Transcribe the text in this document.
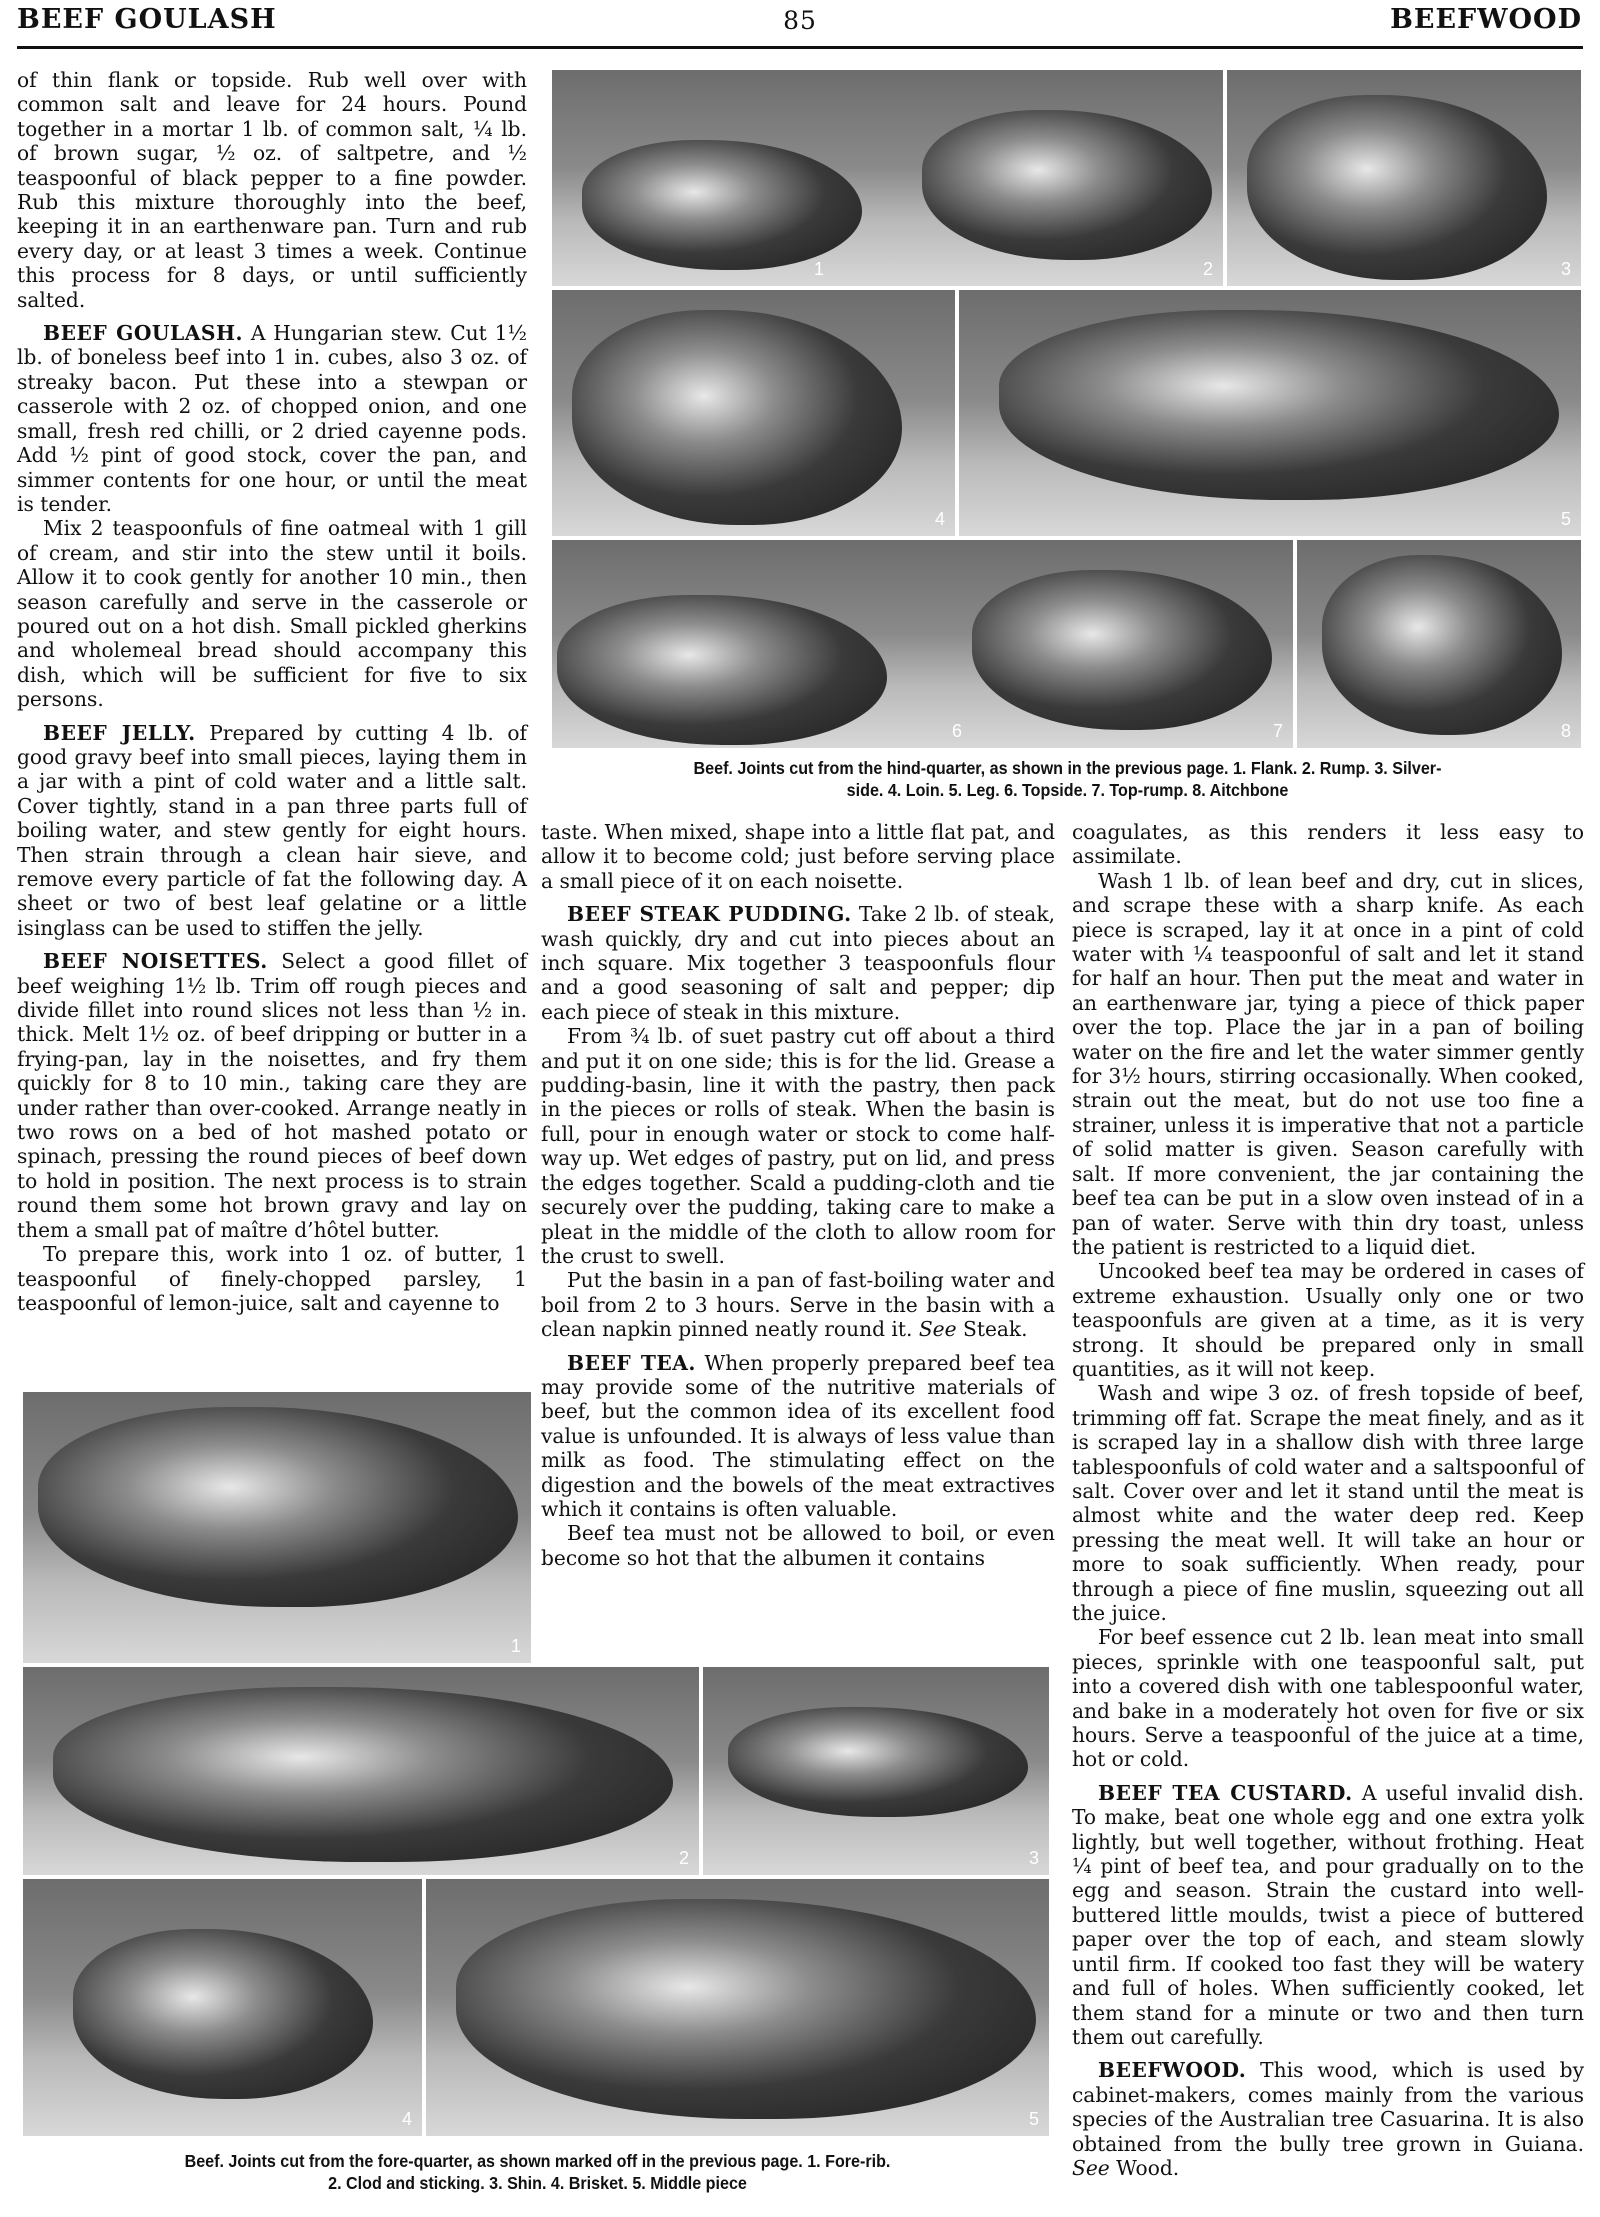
BEEF GOULASH	85	BEEFWOOD

of thin flank or topside. Rub well over with common salt and leave for 24 hours. Pound together in a mortar 1 lb. of common salt, ¼ lb. of brown sugar, ½ oz. of saltpetre, and ½ teaspoonful of black pepper to a fine powder. Rub this mixture thoroughly into the beef, keeping it in an earthenware pan. Turn and rub every day, or at least 3 times a week. Continue this process for 8 days, or until sufficiently salted.

BEEF GOULASH. A Hungarian stew. Cut 1½ lb. of boneless beef into 1 in. cubes, also 3 oz. of streaky bacon. Put these into a stewpan or casserole with 2 oz. of chopped onion, and one small, fresh red chilli, or 2 dried cayenne pods. Add ½ pint of good stock, cover the pan, and simmer contents for one hour, or until the meat is tender.

Mix 2 teaspoonfuls of fine oatmeal with 1 gill of cream, and stir into the stew until it boils. Allow it to cook gently for another 10 min., then season carefully and serve in the casserole or poured out on a hot dish. Small pickled gherkins and wholemeal bread should accompany this dish, which will be sufficient for five to six persons.

BEEF JELLY. Prepared by cutting 4 lb. of good gravy beef into small pieces, laying them in a jar with a pint of cold water and a little salt. Cover tightly, stand in a pan three parts full of boiling water, and stew gently for eight hours. Then strain through a clean hair sieve, and remove every particle of fat the following day. A sheet or two of best leaf gelatine or a little isinglass can be used to stiffen the jelly.

BEEF NOISETTES. Select a good fillet of beef weighing 1½ lb. Trim off rough pieces and divide fillet into round slices not less than ½ in. thick. Melt 1½ oz. of beef dripping or butter in a frying-pan, lay in the noisettes, and fry them quickly for 8 to 10 min., taking care they are under rather than over-cooked. Arrange neatly in two rows on a bed of hot mashed potato or spinach, pressing the round pieces of beef down to hold in position. The next process is to strain round them some hot brown gravy and lay on them a small pat of maître d’hôtel butter.

To prepare this, work into 1 oz. of butter, 1 teaspoonful of finely-chopped parsley, 1 teaspoonful of lemon-juice, salt and cayenne to

taste. When mixed, shape into a little flat pat, and allow it to become cold; just before serving place a small piece of it on each noisette.

BEEF STEAK PUDDING. Take 2 lb. of steak, wash quickly, dry and cut into pieces about an inch square. Mix together 3 teaspoonfuls flour and a good seasoning of salt and pepper; dip each piece of steak in this mixture.

From ¾ lb. of suet pastry cut off about a third and put it on one side; this is for the lid. Grease a pudding-basin, line it with the pastry, then pack in the pieces or rolls of steak. When the basin is full, pour in enough water or stock to come half-way up. Wet edges of pastry, put on lid, and press the edges together. Scald a pudding-cloth and tie securely over the pudding, taking care to make a pleat in the middle of the cloth to allow room for the crust to swell.

Put the basin in a pan of fast-boiling water and boil from 2 to 3 hours. Serve in the basin with a clean napkin pinned neatly round it. See Steak.

BEEF TEA. When properly prepared beef tea may provide some of the nutritive materials of beef, but the common idea of its excellent food value is unfounded. It is always of less value than milk as food. The stimulating effect on the digestion and the bowels of the meat extractives which it contains is often valuable.

Beef tea must not be allowed to boil, or even become so hot that the albumen it contains

coagulates, as this renders it less easy to assimilate.

Wash 1 lb. of lean beef and dry, cut in slices, and scrape these with a sharp knife. As each piece is scraped, lay it at once in a pint of cold water with ¼ teaspoonful of salt and let it stand for half an hour. Then put the meat and water in an earthenware jar, tying a piece of thick paper over the top. Place the jar in a pan of boiling water on the fire and let the water simmer gently for 3½ hours, stirring occasionally. When cooked, strain out the meat, but do not use too fine a strainer, unless it is imperative that not a particle of solid matter is given. Season carefully with salt. If more convenient, the jar containing the beef tea can be put in a slow oven instead of in a pan of water. Serve with thin dry toast, unless the patient is restricted to a liquid diet.

Uncooked beef tea may be ordered in cases of extreme exhaustion. Usually only one or two teaspoonfuls are given at a time, as it is very strong. It should be prepared only in small quantities, as it will not keep.

Wash and wipe 3 oz. of fresh topside of beef, trimming off fat. Scrape the meat finely, and as it is scraped lay in a shallow dish with three large tablespoonfuls of cold water and a saltspoonful of salt. Cover over and let it stand until the meat is almost white and the water deep red. Keep pressing the meat well. It will take an hour or more to soak sufficiently. When ready, pour through a piece of fine muslin, squeezing out all the juice.

For beef essence cut 2 lb. lean meat into small pieces, sprinkle with one teaspoonful salt, put into a covered dish with one tablespoonful water, and bake in a moderately hot oven for five or six hours. Serve a teaspoonful of the juice at a time, hot or cold.

BEEF TEA CUSTARD. A useful invalid dish. To make, beat one whole egg and one extra yolk lightly, but well together, without frothing. Heat ¼ pint of beef tea, and pour gradually on to the egg and season. Strain the custard into well-buttered little moulds, twist a piece of buttered paper over the top of each, and steam slowly until firm. If cooked too fast they will be watery and full of holes. When sufficiently cooked, let them stand for a minute or two and then turn them out carefully.

BEEFWOOD. This wood, which is used by cabinet-makers, comes mainly from the various species of the Australian tree Casuarina. It is also obtained from the bully tree grown in Guiana. See Wood.

1	2	3
4	5
6	7	8
Beef. Joints cut from the hind-quarter, as shown in the previous page. 1. Flank. 2. Rump. 3. Silver-
side. 4. Loin. 5. Leg. 6. Topside. 7. Top-rump. 8. Aitchbone
1
2	3
4	5
Beef. Joints cut from the fore-quarter, as shown marked off in the previous page. 1. Fore-rib.
2. Clod and sticking. 3. Shin. 4. Brisket. 5. Middle piece
